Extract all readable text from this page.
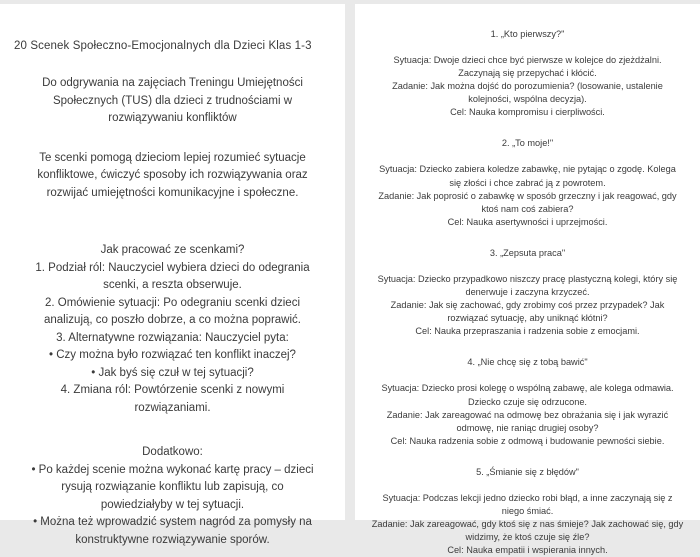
20 Scenek Społeczno-Emocjonalnych dla Dzieci Klas 1-3

Do odgrywania na zajęciach Treningu Umiejętności
Społecznych (TUS) dla dzieci z trudnościami w
rozwiązywaniu konfliktów

Te scenki pomogą dzieciom lepiej rozumieć sytuacje
konfliktowe, ćwiczyć sposoby ich rozwiązywania oraz
rozwijać umiejętności komunikacyjne i społeczne.

Jak pracować ze scenkami?

1. Podział ról: Nauczyciel wybiera dzieci do odegrania
scenki, a reszta obserwuje.
2. Omówienie sytuacji: Po odegraniu scenki dzieci
analizują, co poszło dobrze, a co można poprawić.
3. Alternatywne rozwiązania: Nauczyciel pyta:
• Czy można było rozwiązać ten konflikt inaczej?
• Jak byś się czuł w tej sytuacji?
4. Zmiana ról: Powtórzenie scenki z nowymi
rozwiązaniami.

Dodatkowo:

• Po każdej scenie można wykonać kartę pracy – dzieci
rysują rozwiązanie konfliktu lub zapisują, co
powiedziałyby w tej sytuacji.
• Można też wprowadzić system nagród za pomysły na
konstruktywne rozwiązywanie sporów.

1. „Kto pierwszy?"

Sytuacja: Dwoje dzieci chce być pierwsze w kolejce do zjeżdżalni.
Zaczynają się przepychać i kłócić.
Zadanie: Jak można dojść do porozumienia? (losowanie, ustalenie
kolejności, wspólna decyzja).
Cel: Nauka kompromisu i cierpliwości.

2. „To moje!"

Sytuacja: Dziecko zabiera koledze zabawkę, nie pytając o zgodę. Kolega
się złości i chce zabrać ją z powrotem.
Zadanie: Jak poprosić o zabawkę w sposób grzeczny i jak reagować, gdy
ktoś nam coś zabiera?
Cel: Nauka asertywności i uprzejmości.

3. „Zepsuta praca"

Sytuacja: Dziecko przypadkowo niszczy pracę plastyczną kolegi, który się
denerwuje i zaczyna krzyczeć.
Zadanie: Jak się zachować, gdy zrobimy coś przez przypadek? Jak
rozwiązać sytuację, aby uniknąć kłótni?
Cel: Nauka przepraszania i radzenia sobie z emocjami.

4. „Nie chcę się z tobą bawić"

Sytuacja: Dziecko prosi kolegę o wspólną zabawę, ale kolega odmawia.
Dziecko czuje się odrzucone.
Zadanie: Jak zareagować na odmowę bez obrażania się i jak wyrazić
odmowę, nie raniąc drugiej osoby?
Cel: Nauka radzenia sobie z odmową i budowanie pewności siebie.

5. „Śmianie się z błędów"

Sytuacja: Podczas lekcji jedno dziecko robi błąd, a inne zaczynają się z
niego śmiać.
Zadanie: Jak zareagować, gdy ktoś się z nas śmieje? Jak zachować się, gdy
widzimy, że ktoś czuje się źle?
Cel: Nauka empatii i wspierania innych.
